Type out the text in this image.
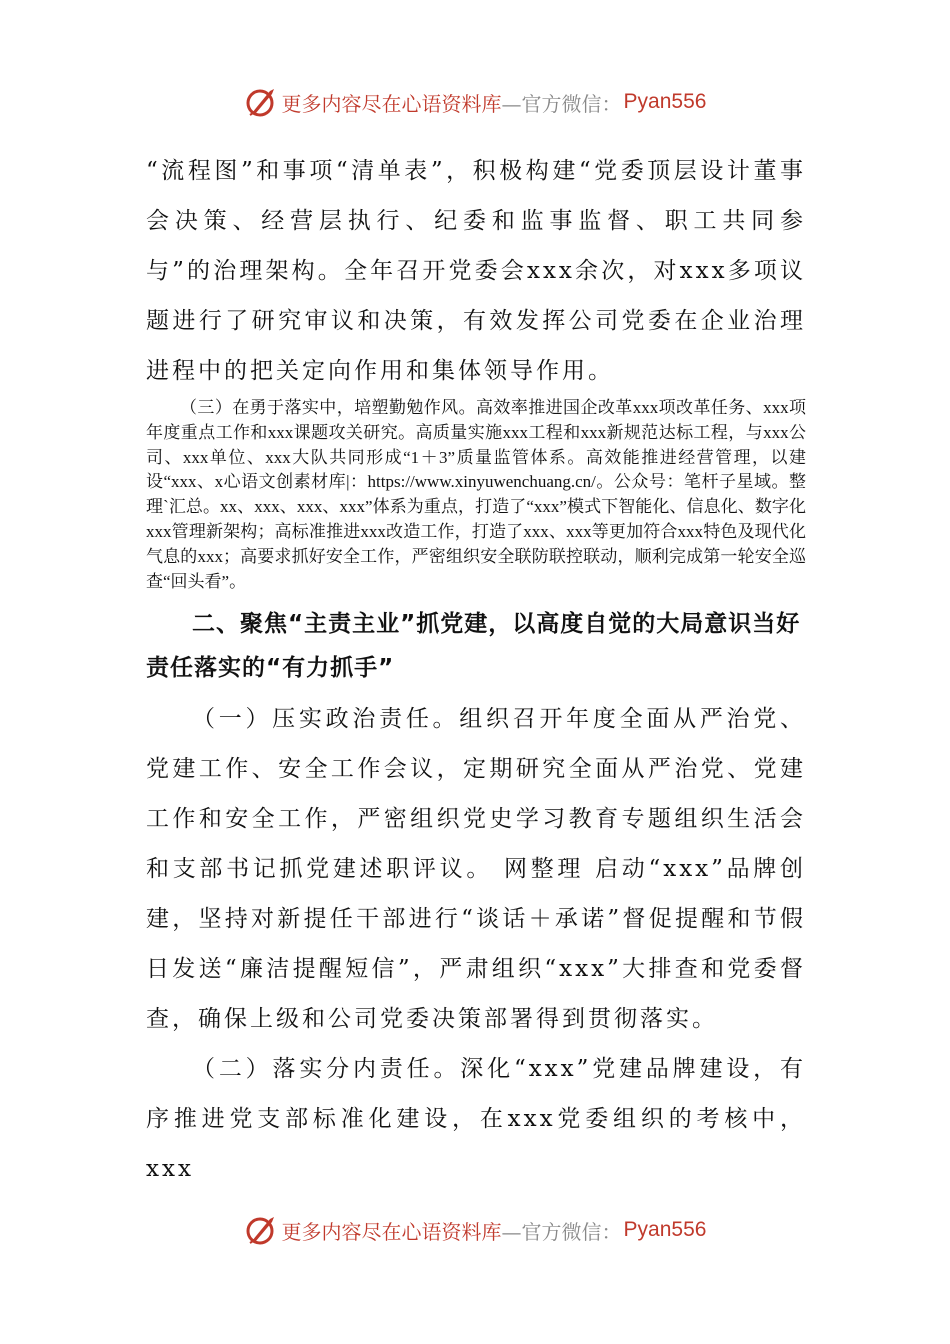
更多内容尽在心语资料库 —官方微信： Pyan556

“流程图”和事项“清单表”，积极构建“党委顶层设计董事会决策、经营层执行、纪委和监事监督、职工共同参与”的治理架构。全年召开党委会xxx余次，对xxx多项议题进行了研究审议和决策，有效发挥公司党委在企业治理进程中的把关定向作用和集体领导作用。

（三）在勇于落实中，培塑勤勉作风。高效率推进国企改革xxx项改革任务、xxx项年度重点工作和xxx课题攻关研究。高质量实施xxx工程和xxx新规范达标工程，与xxx公司、xxx单位、xxx大队共同形成“1＋3”质量监管体系。高效能推进经营管理，以建设“xxx、x心语文创素材库|：https://www.xinyuwenchuang.cn/。公众号：笔杆子星域。整理`汇总。xx、xxx、xxx、xxx”体系为重点，打造了“xxx”模式下智能化、信息化、数字化xxx管理新架构；高标准推进xxx改造工作，打造了xxx、xxx等更加符合xxx特色及现代化气息的xxx；高要求抓好安全工作，严密组织安全联防联控联动，顺利完成第一轮安全巡查“回头看”。

二、聚焦“主责主业”抓党建，以高度自觉的大局意识当好责任落实的“有力抓手”

（一）压实政治责任。组织召开年度全面从严治党、党建工作、安全工作会议，定期研究全面从严治党、党建工作和安全工作，严密组织党史学习教育专题组织生活会和支部书记抓党建述职评议。 网整理 启动“xxx”品牌创建，坚持对新提任干部进行“谈话＋承诺”督促提醒和节假日发送“廉洁提醒短信”，严肃组织“xxx”大排查和党委督查，确保上级和公司党委决策部署得到贯彻落实。

（二）落实分内责任。深化“xxx”党建品牌建设，有序推进党支部标准化建设，在xxx党委组织的考核中，xxx

更多内容尽在心语资料库 —官方微信： Pyan556
